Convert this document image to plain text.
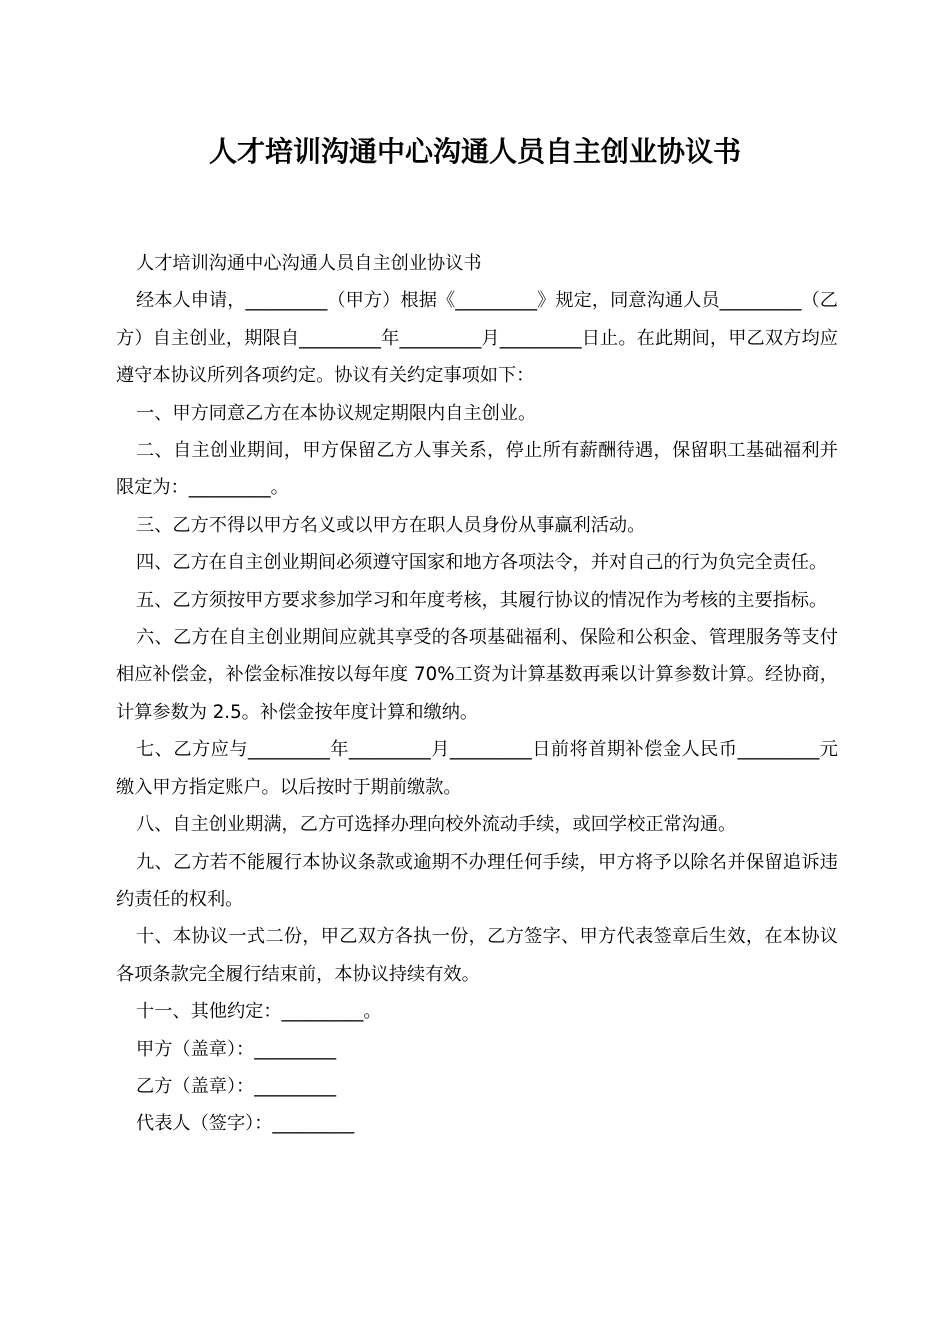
人才培训沟通中心沟通人员自主创业协议书

人才培训沟通中心沟通人员自主创业协议书

经本人申请，_________（甲方）根据《_________》规定，同意沟通人员_________（乙方）自主创业，期限自_________年_________月_________日止。在此期间，甲乙双方均应遵守本协议所列各项约定。协议有关约定事项如下：

一、甲方同意乙方在本协议规定期限内自主创业。

二、自主创业期间，甲方保留乙方人事关系，停止所有薪酬待遇，保留职工基础福利并限定为：_________。

三、乙方不得以甲方名义或以甲方在职人员身份从事赢利活动。

四、乙方在自主创业期间必须遵守国家和地方各项法令，并对自己的行为负完全责任。

五、乙方须按甲方要求参加学习和年度考核，其履行协议的情况作为考核的主要指标。

六、乙方在自主创业期间应就其享受的各项基础福利、保险和公积金、管理服务等支付相应补偿金，补偿金标准按以每年度 70%工资为计算基数再乘以计算参数计算。经协商，计算参数为 2.5。补偿金按年度计算和缴纳。

七、乙方应与_________年_________月_________日前将首期补偿金人民币_________元缴入甲方指定账户。以后按时于期前缴款。

八、自主创业期满，乙方可选择办理向校外流动手续，或回学校正常沟通。

九、乙方若不能履行本协议条款或逾期不办理任何手续，甲方将予以除名并保留追诉违约责任的权利。

十、本协议一式二份，甲乙双方各执一份，乙方签字、甲方代表签章后生效，在本协议各项条款完全履行结束前，本协议持续有效。

十一、其他约定：_________。

甲方（盖章）：_________

乙方（盖章）：_________

代表人（签字）：_________
